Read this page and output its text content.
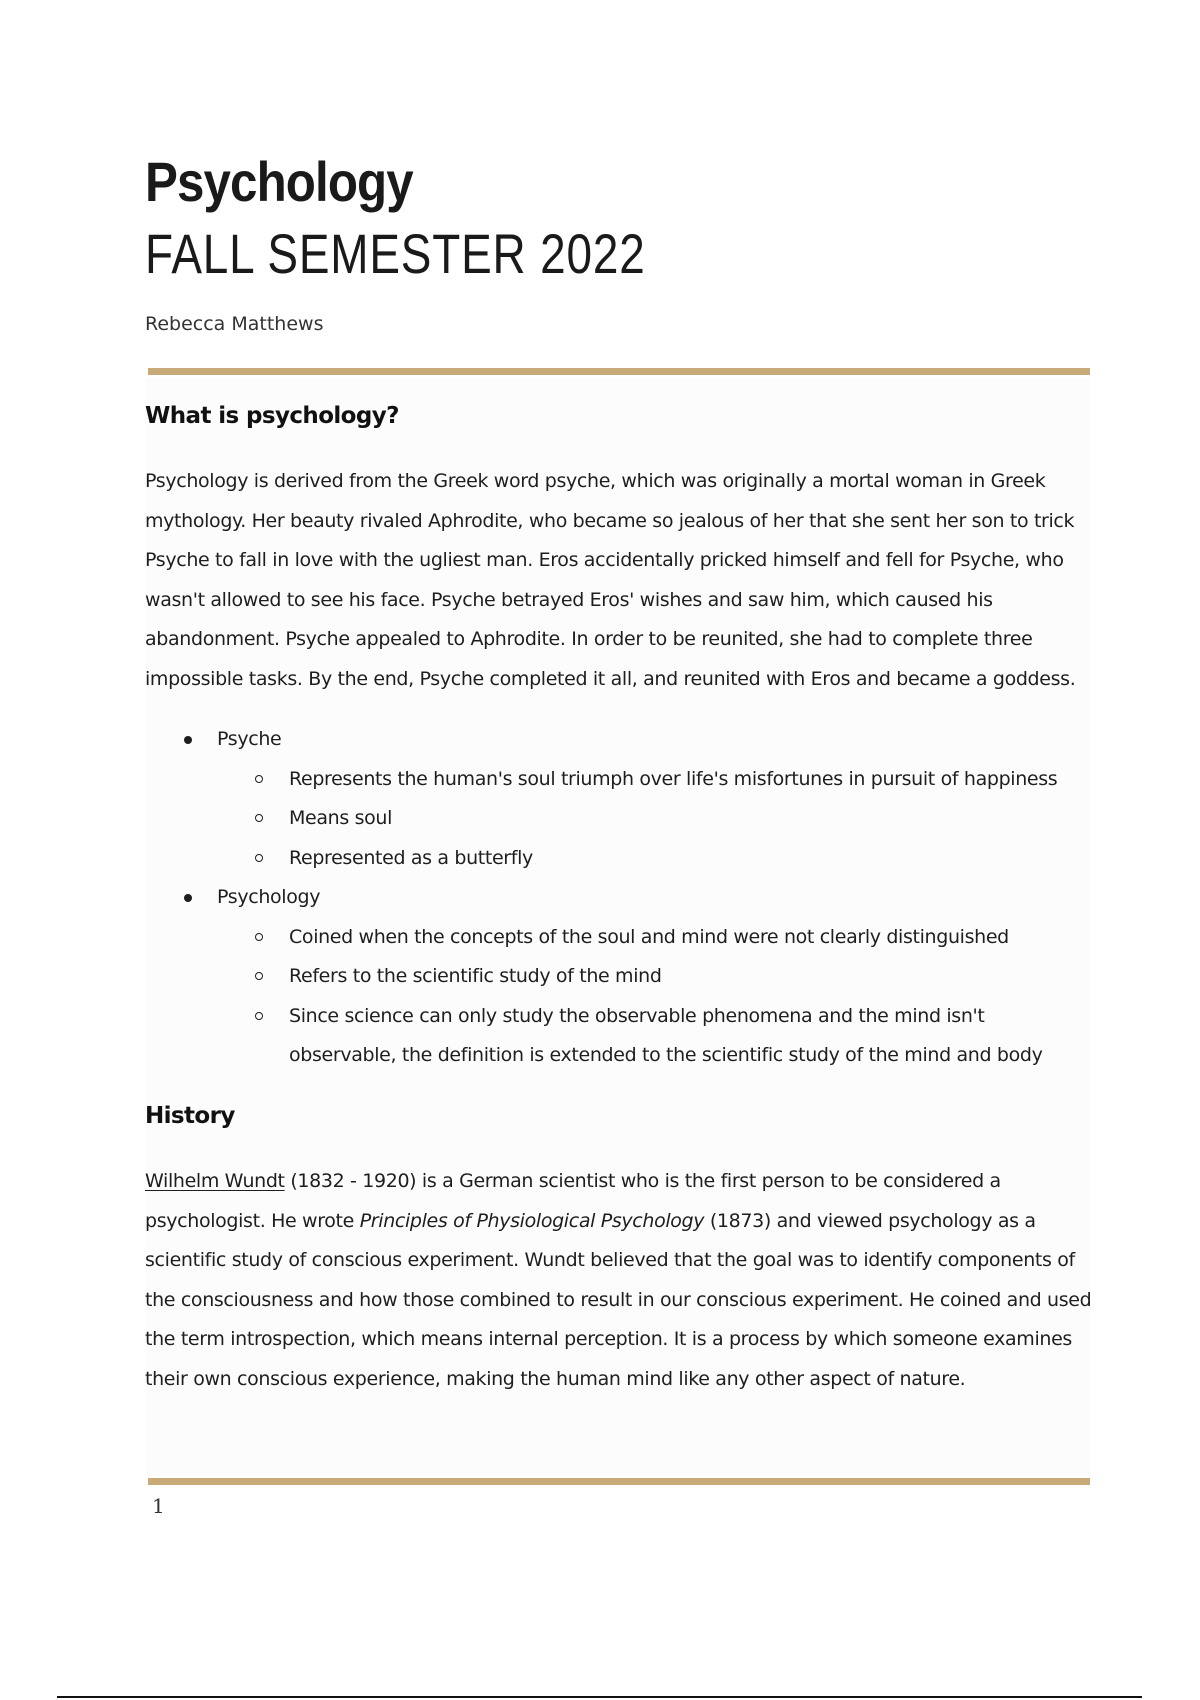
Psychology
FALL SEMESTER 2022
Rebecca Matthews
What is psychology?

Psychology is derived from the Greek word psyche, which was originally a mortal woman in Greek mythology. Her beauty rivaled Aphrodite, who became so jealous of her that she sent her son to trick Psyche to fall in love with the ugliest man. Eros accidentally pricked himself and fell for Psyche, who wasn't allowed to see his face. Psyche betrayed Eros' wishes and saw him, which caused his abandonment. Psyche appealed to Aphrodite. In order to be reunited, she had to complete three impossible tasks. By the end, Psyche completed it all, and reunited with Eros and became a goddess.

Psyche
Represents the human's soul triumph over life's misfortunes in pursuit of happiness
Means soul
Represented as a butterfly
Psychology
Coined when the concepts of the soul and mind were not clearly distinguished
Refers to the scientific study of the mind
Since science can only study the observable phenomena and the mind isn't observable, the definition is extended to the scientific study of the mind and body
History

Wilhelm Wundt (1832 - 1920) is a German scientist who is the first person to be considered a psychologist. He wrote Principles of Physiological Psychology (1873) and viewed psychology as a scientific study of conscious experiment. Wundt believed that the goal was to identify components of the consciousness and how those combined to result in our conscious experiment. He coined and used the term introspection, which means internal perception. It is a process by which someone examines their own conscious experience, making the human mind like any other aspect of nature.

1
